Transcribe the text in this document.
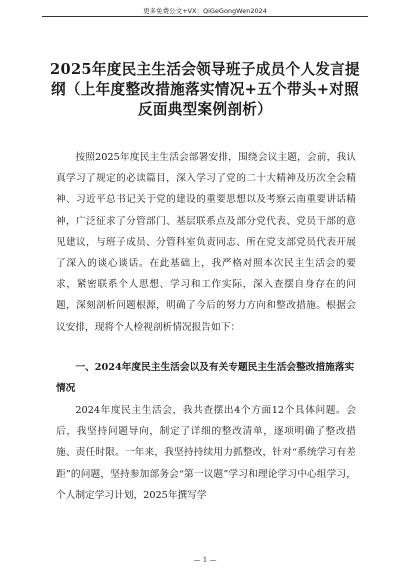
更多免费公文+VX：QiGeGongWen2024
2025年度民主生活会领导班子成员个人发言提纲（上年度整改措施落实情况+五个带头+对照反面典型案例剖析）
按照2025年度民主生活会部署安排，围绕会议主题，会前，我认真学习了规定的必读篇目，深入学习了党的二十大精神及历次全会精神、习近平总书记关于党的建设的重要思想以及考察云南重要讲话精神，广泛征求了分管部门、基层联系点及部分党代表、党员干部的意见建议，与班子成员、分管科室负责同志、所在党支部党员代表开展了深入的谈心谈话。在此基础上，我严格对照本次民主生活会的要求，紧密联系个人思想、学习和工作实际，深入查摆自身存在的问题，深刻剖析问题根源，明确了今后的努力方向和整改措施。根据会议安排，现将个人检视剖析情况报告如下：
一、2024年度民主生活会以及有关专题民主生活会整改措施落实情况
2024年度民主生活会，我共查摆出4个方面12个具体问题。会后，我坚持问题导向，制定了详细的整改清单，逐项明确了整改措施、责任时限。一年来，我坚持持续用力抓整改，针对“系统学习有差距”的问题，坚持参加部务会“第一议题”学习和理论学习中心组学习，个人制定学习计划，2025年撰写学
— 1 —
